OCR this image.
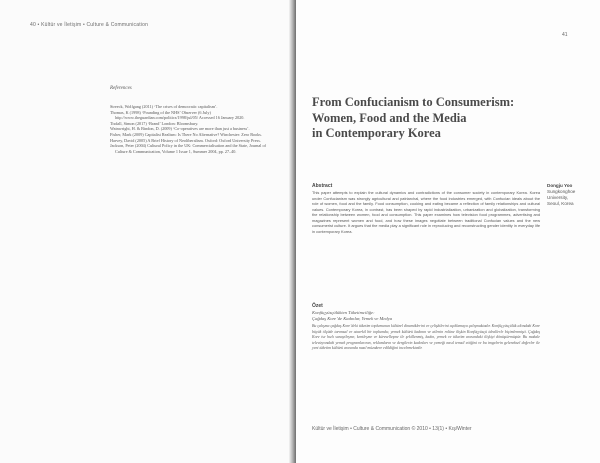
40 • Kültür ve İletişim • Culture & Communication
References

Streeck, Wolfgang (2011) ‘The crises of democratic capitalism’.

Thomas, K (1998) ‘Pounding of the NHS’ Observer (6 July) http://www.theguardian.com/politics/1998/jul/05/ Accessed 16 January 2020.

Tisdall, Simon (2017) ‘Brand’ London: Bloomsbury.

Wainwright, H. & Bindon, D. (2009) ‘Co-operatives are more than just a business’.

Fisher, Mark (2009) Capitalist Realism: Is There No Alternative? Winchester: Zero Books.

Harvey, David (2005) A Brief History of Neoliberalism. Oxford: Oxford University Press.

Jackson, Peter (2004) Cultural Policy in the UK: Commercialisation and the State, Journal of Culture & Communication, Volume 1 Issue 1, Summer 2004, pp. 27–40.

41
From Confucianism to Consumerism:
Women, Food and the Media
in Contemporary Korea
Abstract

This paper attempts to explain the cultural dynamics and contradictions of the consumer society in contemporary Korea. Korea under Confucianism was strongly agricultural and patriarchal, where the food industries emerged, with Confucian ideals about the role of women, food and the family. Food consumption, cooking and eating became a reflection of family relationships and cultural values. Contemporary Korea, in contrast, has been shaped by rapid industrialization, urbanization and globalization, transforming the relationship between women, food and consumption. This paper examines how television food programmes, advertising and magazines represent women and food, and how these images negotiate between traditional Confucian values and the new consumerist culture. It argues that the media play a significant role in reproducing and reconstructing gender identity in everyday life in contemporary Korea.

Dongju Yoo
Sungkonghoe
University,
Seoul, Korea
Özet
Konfüçyüsçülükten Tüketimciliğe:
Çağdaş Kore’de Kadınlar, Yemek ve Medya

Bu çalışma çağdaş Kore’deki tüketim toplumunun kültürel dinamiklerini ve çelişkilerini açıklamaya çalışmaktadır. Konfüçyüsçülük altındaki Kore büyük ölçüde tarımsal ve ataerkil bir toplumdu; yemek kültürü kadının ve ailenin rolüne ilişkin Konfüçyüsçü ideallerle biçimlenmişti. Çağdaş Kore ise hızlı sanayileşme, kentleşme ve küreselleşme ile şekillenmiş, kadın, yemek ve tüketim arasındaki ilişkiyi dönüştürmüştür. Bu makale televizyondaki yemek programlarının, reklamların ve dergilerin kadınları ve yemeği nasıl temsil ettiğini ve bu imgelerin geleneksel değerler ile yeni tüketim kültürü arasında nasıl müzakere edildiğini incelemektedir.

Kültür ve İletişim • Culture & Communication © 2010 • 13(1) • Kış/Winter
